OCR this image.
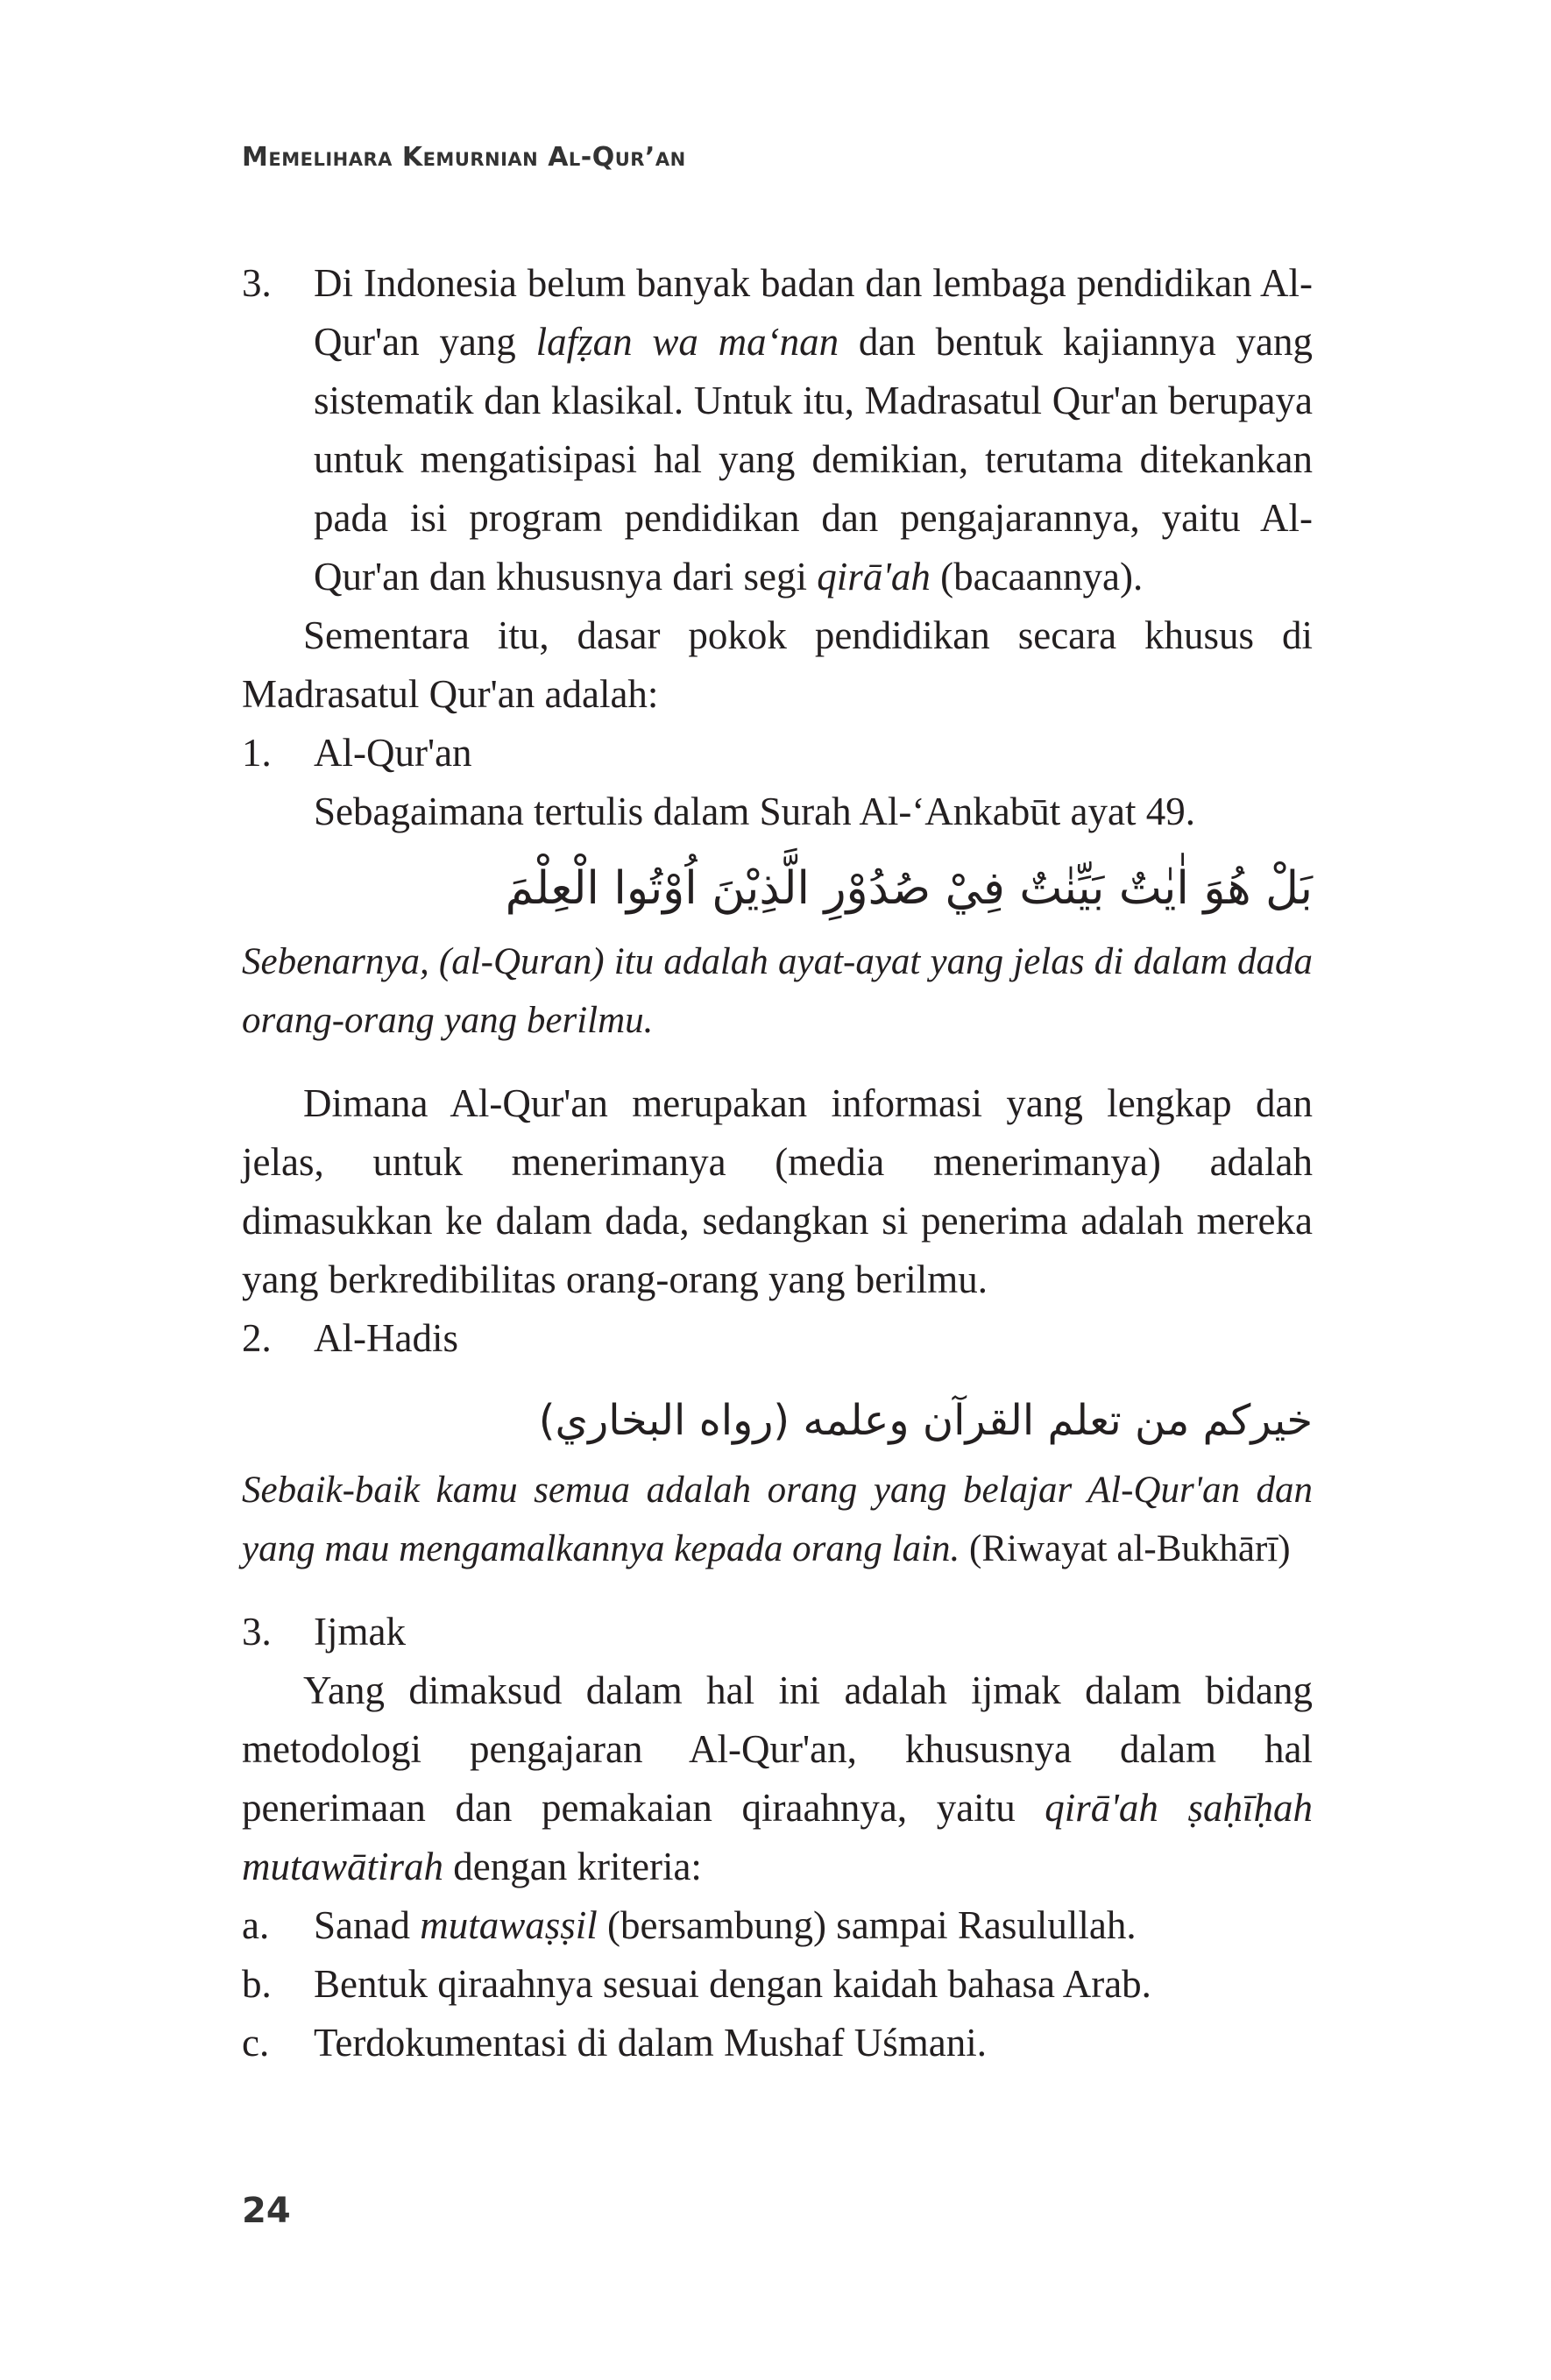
Memelihara Kemurnian Al-Qur’an
3.	Di Indonesia belum banyak badan dan lembaga pendidikan Al-Qur'an yang lafẓan wa ma‘nan dan bentuk kajiannya yang sistematik dan klasikal. Untuk itu, Madrasatul Qur'an berupaya untuk mengatisipasi hal yang demikian, terutama ditekankan pada isi program pendidikan dan pengajarannya, yaitu Al-Qur'an dan khususnya dari segi qirā'ah (bacaannya).

Sementara itu, dasar pokok pendidikan secara khusus di Madrasatul Qur'an adalah:

1.	Al-Qur'an

Sebagaimana tertulis dalam Surah Al-‘Ankabūt ayat 49.

بَلْ هُوَ اٰيٰتٌ بَيِّنٰتٌ فِيْ صُدُوْرِ الَّذِيْنَ اُوْتُوا الْعِلْمَ

Sebenarnya, (al-Quran) itu adalah ayat-ayat yang jelas di dalam dada orang-orang yang berilmu.

Dimana Al-Qur'an merupakan informasi yang lengkap dan jelas, untuk menerimanya (media menerimanya) adalah dimasukkan ke dalam dada, sedangkan si penerima adalah mereka yang berkredibilitas orang-orang yang berilmu.

2.	Al-Hadis
خيركم من تعلم القرآن وعلمه (رواه البخاري)

Sebaik-baik kamu semua adalah orang yang belajar Al-Qur'an dan yang mau mengamalkannya kepada orang lain. (Riwayat al-Bukhārī)

3.	Ijmak

Yang dimaksud dalam hal ini adalah ijmak dalam bidang metodologi pengajaran Al-Qur'an, khususnya dalam hal penerimaan dan pemakaian qiraahnya, yaitu qirā'ah ṣaḥīḥah mutawātirah dengan kriteria:

a.	Sanad mutawaṣṣil (bersambung) sampai Rasulullah.
b.	Bentuk qiraahnya sesuai dengan kaidah bahasa Arab.
c.	Terdokumentasi di dalam Mushaf Uśmani.
24
